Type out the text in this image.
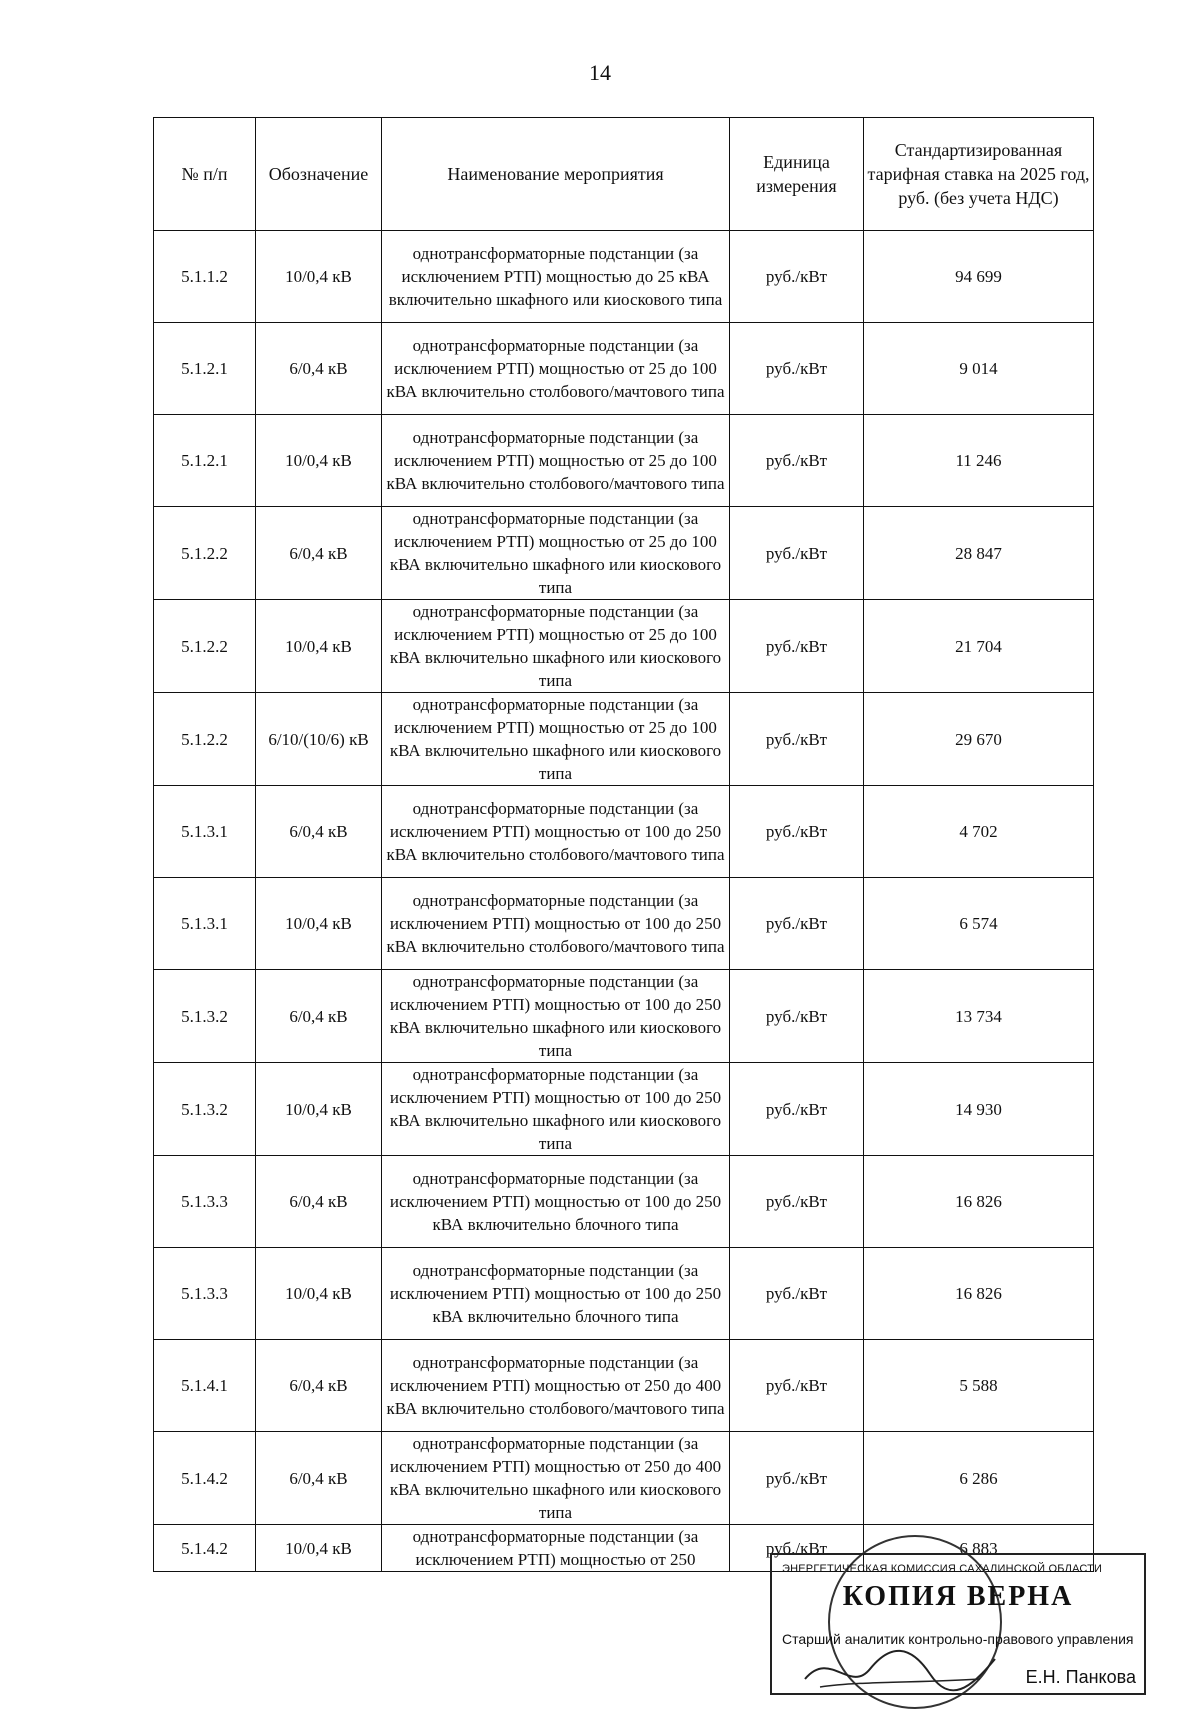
14
№ п/п	Обозначение	Наименование мероприятия	Единица измерения	Стандартизированная тарифная ставка на 2025 год, руб. (без учета НДС)
5.1.1.2	10/0,4 кВ	однотрансформаторные подстанции (за исключением РТП) мощностью до 25 кВА включительно шкафного или киоскового типа	руб./кВт	94 699
5.1.2.1	6/0,4 кВ	однотрансформаторные подстанции (за исключением РТП) мощностью от 25 до 100 кВА включительно столбового/мачтового типа	руб./кВт	9 014
5.1.2.1	10/0,4 кВ	однотрансформаторные подстанции (за исключением РТП) мощностью от 25 до 100 кВА включительно столбового/мачтового типа	руб./кВт	11 246
5.1.2.2	6/0,4 кВ	однотрансформаторные подстанции (за исключением РТП) мощностью от 25 до 100 кВА включительно шкафного или киоскового типа	руб./кВт	28 847
5.1.2.2	10/0,4 кВ	однотрансформаторные подстанции (за исключением РТП) мощностью от 25 до 100 кВА включительно шкафного или киоскового типа	руб./кВт	21 704
5.1.2.2	6/10/(10/6) кВ	однотрансформаторные подстанции (за исключением РТП) мощностью от 25 до 100 кВА включительно шкафного или киоскового типа	руб./кВт	29 670
5.1.3.1	6/0,4 кВ	однотрансформаторные подстанции (за исключением РТП) мощностью от 100 до 250 кВА включительно столбового/мачтового типа	руб./кВт	4 702
5.1.3.1	10/0,4 кВ	однотрансформаторные подстанции (за исключением РТП) мощностью от 100 до 250 кВА включительно столбового/мачтового типа	руб./кВт	6 574
5.1.3.2	6/0,4 кВ	однотрансформаторные подстанции (за исключением РТП) мощностью от 100 до 250 кВА включительно шкафного или киоскового типа	руб./кВт	13 734
5.1.3.2	10/0,4 кВ	однотрансформаторные подстанции (за исключением РТП) мощностью от 100 до 250 кВА включительно шкафного или киоскового типа	руб./кВт	14 930
5.1.3.3	6/0,4 кВ	однотрансформаторные подстанции (за исключением РТП) мощностью от 100 до 250 кВА включительно блочного типа	руб./кВт	16 826
5.1.3.3	10/0,4 кВ	однотрансформаторные подстанции (за исключением РТП) мощностью от 100 до 250 кВА включительно блочного типа	руб./кВт	16 826
5.1.4.1	6/0,4 кВ	однотрансформаторные подстанции (за исключением РТП) мощностью от 250 до 400 кВА включительно столбового/мачтового типа	руб./кВт	5 588
5.1.4.2	6/0,4 кВ	однотрансформаторные подстанции (за исключением РТП) мощностью от 250 до 400 кВА включительно шкафного или киоскового типа	руб./кВт	6 286
5.1.4.2	10/0,4 кВ	однотрансформаторные подстанции (за исключением РТП) мощностью от 250	руб./кВт	6 883
ЭНЕРГЕТИЧЕСКАЯ КОМИССИЯ САХАЛИНСКОЙ ОБЛАСТИ
КОПИЯ ВЕРНА
Старший аналитик контрольно-правового управления
Е.Н. Панкова
